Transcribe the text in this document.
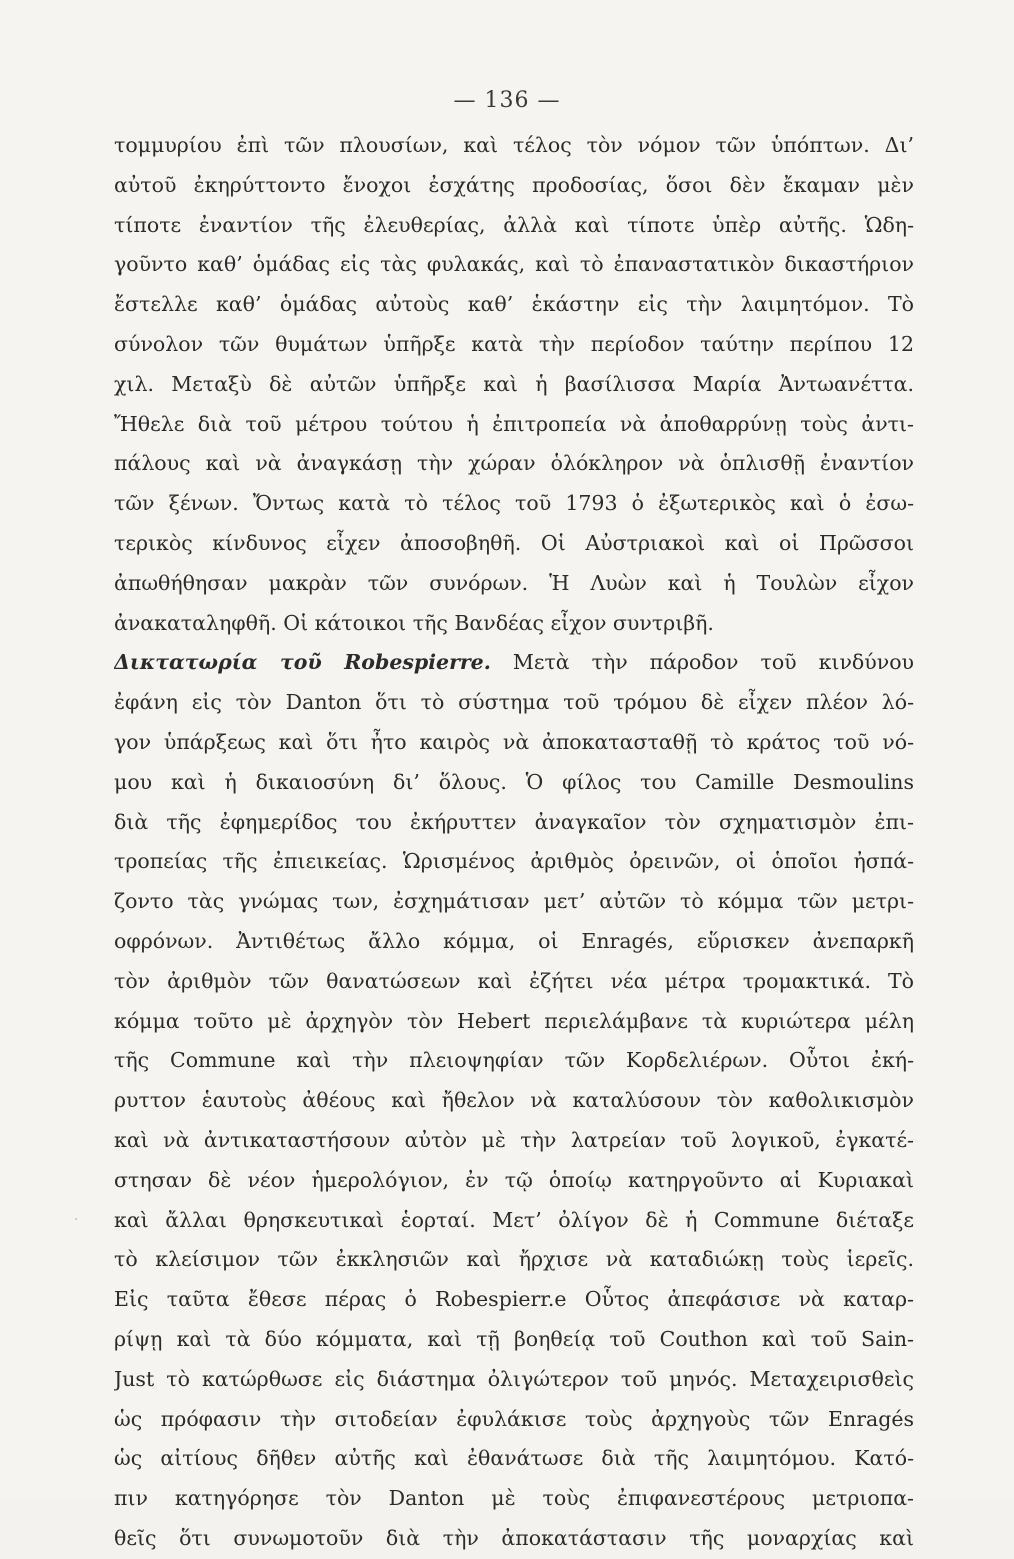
— 136 —
τομμυρίου ἐπὶ τῶν πλουσίων, καὶ τέλος τὸν νόμον τῶν ὑπόπτων. Δι’
αὐτοῦ ἐκηρύττοντο ἔνοχοι ἐσχάτης προδοσίας, ὅσοι δὲν ἔκαμαν μὲν
τίποτε ἐναντίον τῆς ἐλευθερίας, ἀλλὰ καὶ τίποτε ὑπὲρ αὐτῆς. Ὡδη-
γοῦντο καθ’ ὁμάδας εἰς τὰς φυλακάς, καὶ τὸ ἐπαναστατικὸν δικαστήριον
ἔστελλε καθ’ ὁμάδας αὐτοὺς καθ’ ἑκάστην εἰς τὴν λαιμητόμον. Τὸ
σύνολον τῶν θυμάτων ὑπῆρξε κατὰ τὴν περίοδον ταύτην περίπου 12
χιλ. Μεταξὺ δὲ αὐτῶν ὑπῆρξε καὶ ἡ βασίλισσα Μαρία Ἀντωανέττα.
Ἤθελε διὰ τοῦ μέτρου τούτου ἡ ἐπιτροπεία νὰ ἀποθαρρύνῃ τοὺς ἀντι-
πάλους καὶ νὰ ἀναγκάσῃ τὴν χώραν ὁλόκληρον νὰ ὁπλισθῇ ἐναντίον
τῶν ξένων. Ὄντως κατὰ τὸ τέλος τοῦ 1793 ὁ ἐξωτερικὸς καὶ ὁ ἐσω-
τερικὸς κίνδυνος εἶχεν ἀποσοβηθῆ. Οἱ Αὐστριακοὶ καὶ οἱ Πρῶσσοι
ἀπωθήθησαν μακρὰν τῶν συνόρων. Ἡ Λυὼν καὶ ἡ Τουλὼν εἶχον
ἀνακαταληφθῆ. Οἱ κάτοικοι τῆς Βανδέας εἶχον συντριβῆ.
Δικτατωρία τοῦ Robespierre. Μετὰ τὴν πάροδον τοῦ κινδύνου
ἐφάνη εἰς τὸν Danton ὅτι τὸ σύστημα τοῦ τρόμου δὲ εἶχεν πλέον λό-
γον ὑπάρξεως καὶ ὅτι ἦτο καιρὸς νὰ ἀποκατασταθῇ τὸ κράτος τοῦ νό-
μου καὶ ἡ δικαιοσύνη δι’ ὅλους. Ὁ φίλος του Camille Desmoulins
διὰ τῆς ἐφημερίδος του ἐκήρυττεν ἀναγκαῖον τὸν σχηματισμὸν ἐπι-
τροπείας τῆς ἐπιεικείας. Ὡρισμένος ἀριθμὸς ὀρεινῶν, οἱ ὁποῖοι ἠσπά-
ζοντο τὰς γνώμας των, ἐσχημάτισαν μετ’ αὐτῶν τὸ κόμμα τῶν μετρι-
οφρόνων. Ἀντιθέτως ἄλλο κόμμα, οἱ Enragés, εὕρισκεν ἀνεπαρκῆ
τὸν ἀριθμὸν τῶν θανατώσεων καὶ ἐζήτει νέα μέτρα τρομακτικά. Τὸ
κόμμα τοῦτο μὲ ἀρχηγὸν τὸν Hebert περιελάμβανε τὰ κυριώτερα μέλη
τῆς Commune καὶ τὴν πλειοψηφίαν τῶν Κορδελιέρων. Οὗτοι ἐκή-
ρυττον ἑαυτοὺς ἀθέους καὶ ἤθελον νὰ καταλύσουν τὸν καθολικισμὸν
καὶ νὰ ἀντικαταστήσουν αὐτὸν μὲ τὴν λατρείαν τοῦ λογικοῦ, ἐγκατέ-
στησαν δὲ νέον ἡμερολόγιον, ἐν τῷ ὁποίῳ κατηργοῦντο αἱ Κυριακαὶ
καὶ ἄλλαι θρησκευτικαὶ ἑορταί. Μετ’ ὀλίγον δὲ ἡ Commune διέταξε
τὸ κλείσιμον τῶν ἐκκλησιῶν καὶ ἤρχισε νὰ καταδιώκῃ τοὺς ἱερεῖς.
Εἰς ταῦτα ἔθεσε πέρας ὁ Robespierr.e Οὗτος ἀπεφάσισε νὰ καταρ-
ρίψῃ καὶ τὰ δύο κόμματα, καὶ τῇ βοηθείᾳ τοῦ Couthon καὶ τοῦ Sain-
Just τὸ κατώρθωσε εἰς διάστημα ὀλιγώτερον τοῦ μηνός. Μεταχειρισθεὶς
ὡς πρόφασιν τὴν σιτοδείαν ἐφυλάκισε τοὺς ἀρχηγοὺς τῶν Enragés
ὡς αἰτίους δῆθεν αὐτῆς καὶ ἐθανάτωσε διὰ τῆς λαιμητόμου. Κατό-
πιν κατηγόρησε τὸν Danton μὲ τοὺς ἐπιφανεστέρους μετριοπα-
θεῖς ὅτι συνωμοτοῦν διὰ τὴν ἀποκατάστασιν τῆς μοναρχίας καὶ
·
